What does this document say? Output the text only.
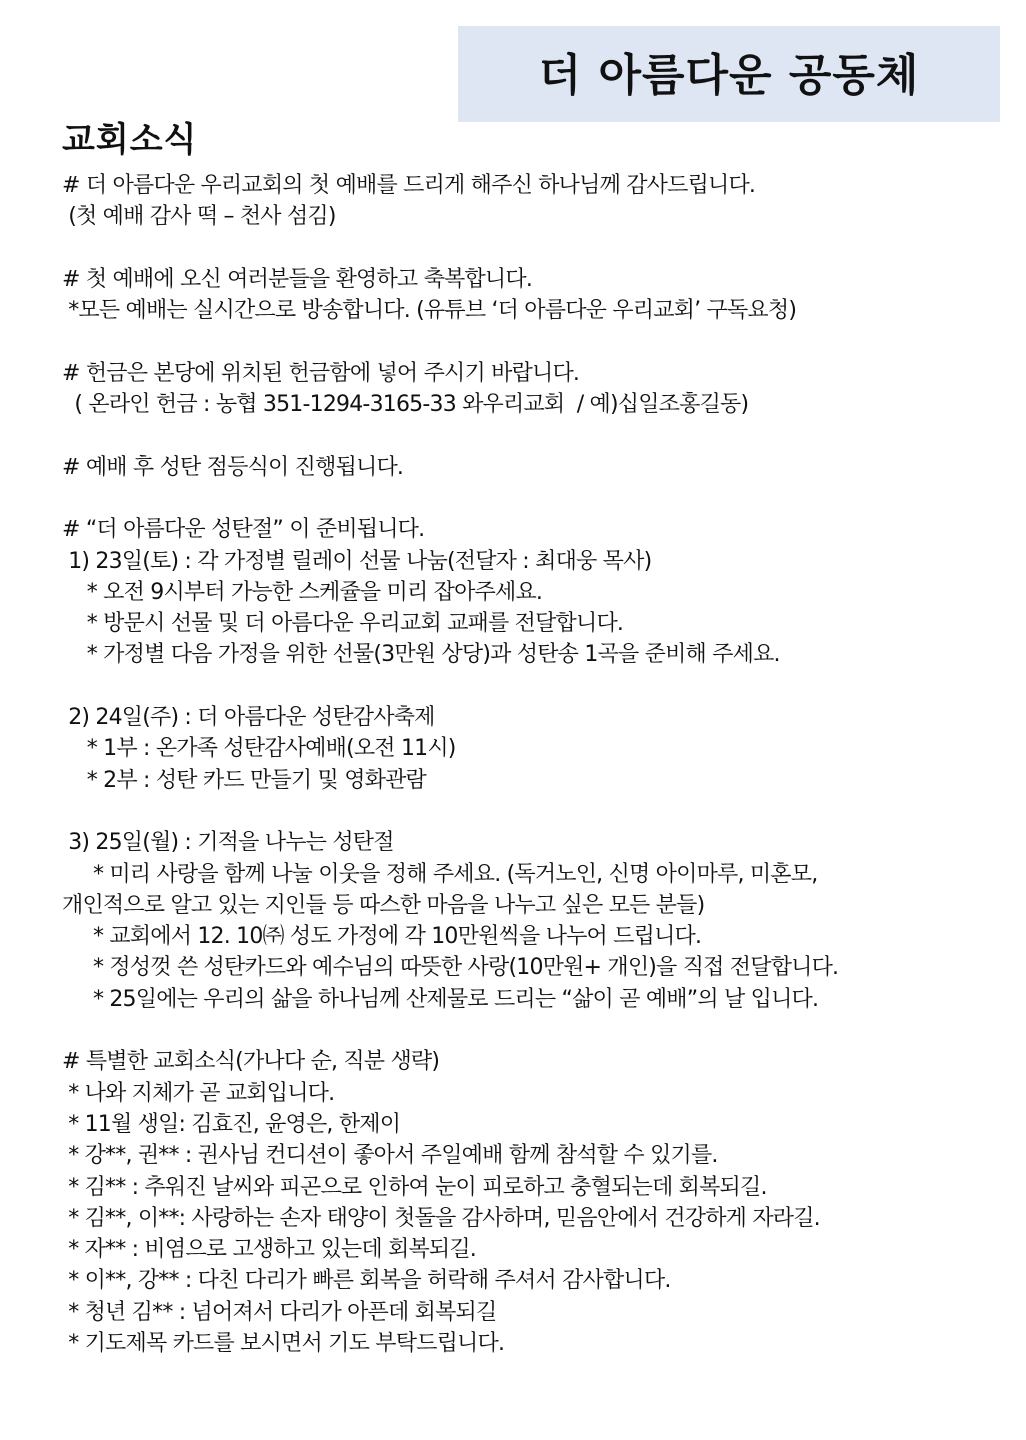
더 아름다운 공동체
교회소식
# 더 아름다운 우리교회의 첫 예배를 드리게 해주신 하나님께 감사드립니다.
(첫 예배 감사 떡 – 천사 섬김)
# 첫 예배에 오신 여러분들을 환영하고 축복합니다.
*모든 예배는 실시간으로 방송합니다. (유튜브 ‘더 아름다운 우리교회’ 구독요청)
# 헌금은 본당에 위치된 헌금함에 넣어 주시기 바랍니다.
( 온라인 헌금 : 농협 351-1294-3165-33 와우리교회  / 예)십일조홍길동)
# 예배 후 성탄 점등식이 진행됩니다.
# “더 아름다운 성탄절” 이 준비됩니다.
1) 23일(토) : 각 가정별 릴레이 선물 나눔(전달자 : 최대웅 목사)
* 오전 9시부터 가능한 스케쥴을 미리 잡아주세요.
* 방문시 선물 및 더 아름다운 우리교회 교패를 전달합니다.
* 가정별 다음 가정을 위한 선물(3만원 상당)과 성탄송 1곡을 준비해 주세요.
2) 24일(주) : 더 아름다운 성탄감사축제
* 1부 : 온가족 성탄감사예배(오전 11시)
* 2부 : 성탄 카드 만들기 및 영화관람
3) 25일(월) : 기적을 나누는 성탄절
* 미리 사랑을 함께 나눌 이웃을 정해 주세요. (독거노인, 신명 아이마루, 미혼모,
개인적으로 알고 있는 지인들 등 따스한 마음을 나누고 싶은 모든 분들)
* 교회에서 12. 10㈜ 성도 가정에 각 10만원씩을 나누어 드립니다.
* 정성껏 쓴 성탄카드와 예수님의 따뜻한 사랑(10만원+ 개인)을 직접 전달합니다.
* 25일에는 우리의 삶을 하나님께 산제물로 드리는 “삶이 곧 예배”의 날 입니다.
# 특별한 교회소식(가나다 순, 직분 생략)
* 나와 지체가 곧 교회입니다.
* 11월 생일: 김효진, 윤영은, 한제이
* 강**, 권** : 권사님 컨디션이 좋아서 주일예배 함께 참석할 수 있기를.
* 김** : 추워진 날씨와 피곤으로 인하여 눈이 피로하고 충혈되는데 회복되길.
* 김**, 이**: 사랑하는 손자 태양이 첫돌을 감사하며, 믿음안에서 건강하게 자라길.
* 자** : 비염으로 고생하고 있는데 회복되길.
* 이**, 강** : 다친 다리가 빠른 회복을 허락해 주셔서 감사합니다.
* 청년 김** : 넘어져서 다리가 아픈데 회복되길
* 기도제목 카드를 보시면서 기도 부탁드립니다.
